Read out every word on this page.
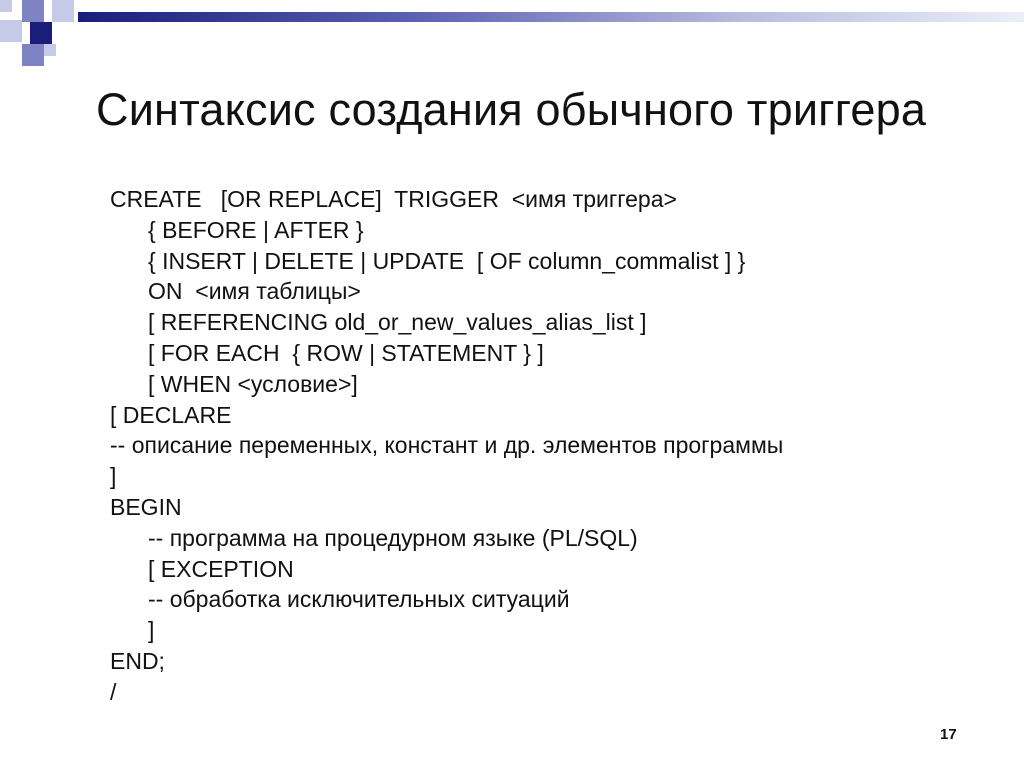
Синтаксис создания обычного триггера
CREATE   [OR REPLACE]  TRIGGER  <имя триггера>
{ BEFORE | AFTER }
{ INSERT | DELETE | UPDATE  [ OF column_commalist ] }
ON  <имя таблицы>
[ REFERENCING old_or_new_values_alias_list ]
[ FOR EACH  { ROW | STATEMENT } ]
[ WHEN <условие>]
[ DECLARE
-- описание переменных, констант и др. элементов программы
]
BEGIN
-- программа на процедурном языке (PL/SQL)
[ EXCEPTION
-- обработка исключительных ситуаций
]
END;
/
17
